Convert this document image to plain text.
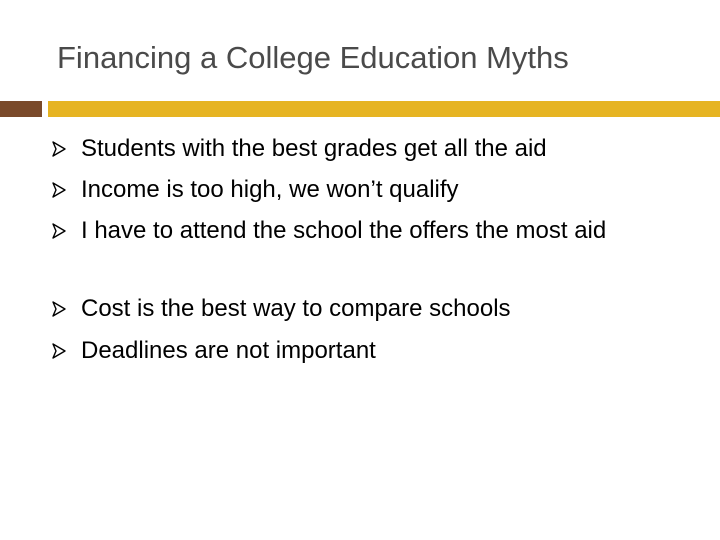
Financing a College Education Myths

Students with the best grades get all the aid

Income is too high, we won’t qualify

I have to attend the school the offers the most aid

Cost is the best way to compare schools

Deadlines are not important
